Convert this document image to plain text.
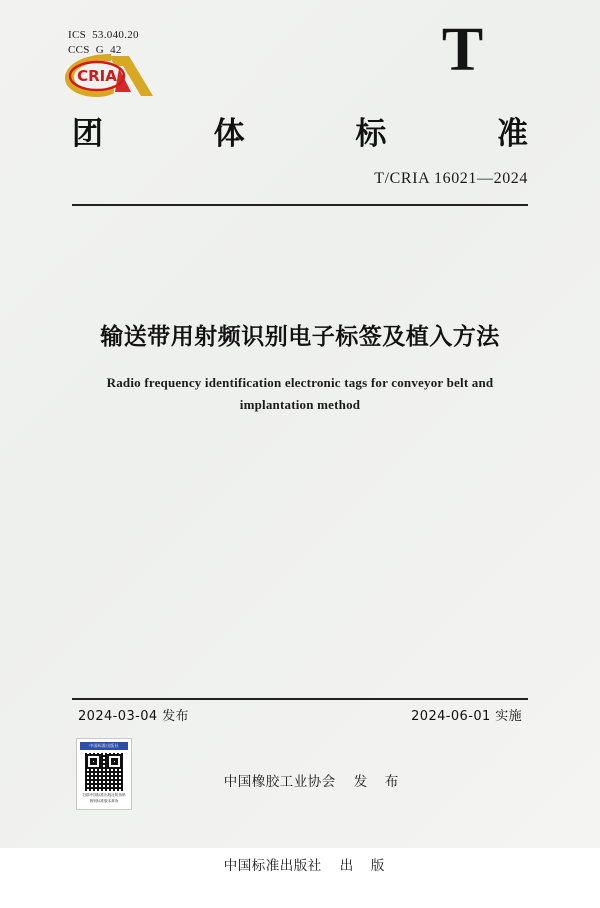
ICS  53.040.20
CCS  G  42
CRIA	T
团	体	标	准
T/CRIA 16021—2024
输送带用射频识别电子标签及植入方法
Radio frequency identification electronic tags for conveyor belt and
implantation method
2024-03-04 发布	2024-06-01 实施

中国橡胶工业协会 发  布

中国标准出版社 出  版

中国标准出版社
扫描中国标准出版社防伪码
辨别标准版本真伪
